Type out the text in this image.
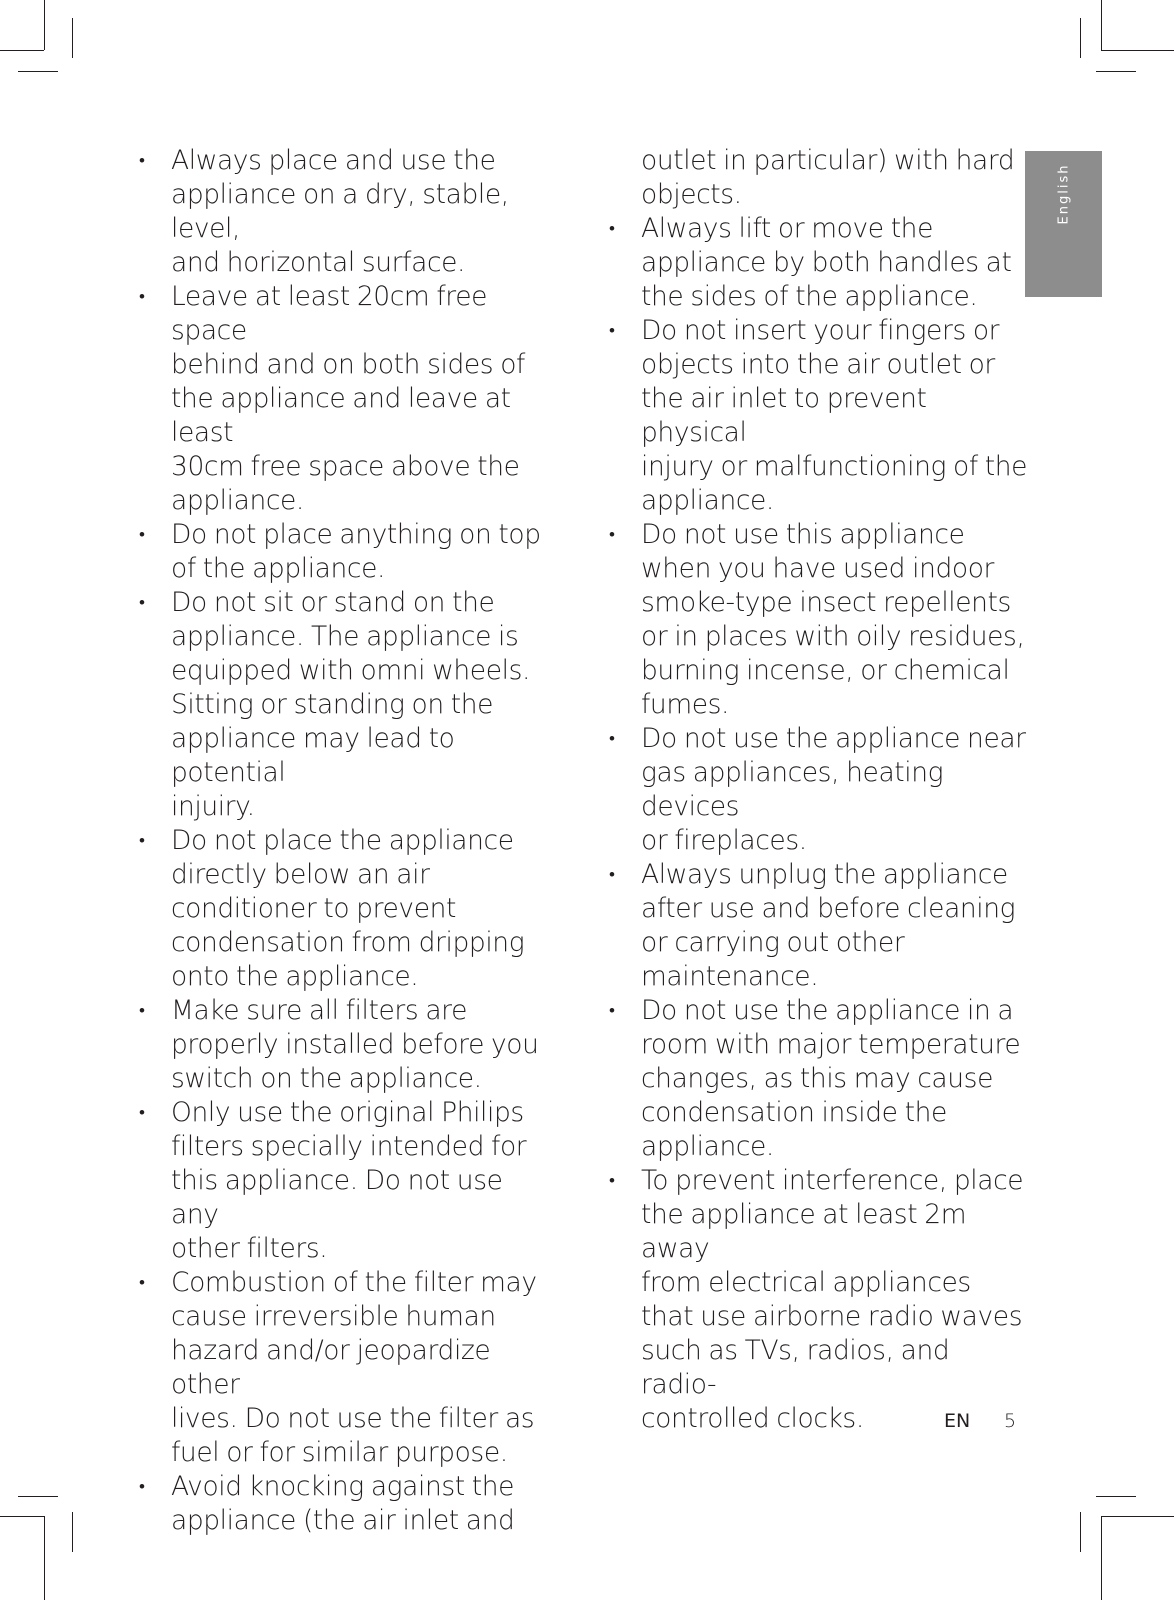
English
• Always place and use the
appliance on a dry, stable, level,
and horizontal surface.
• Leave at least 20cm free space
behind and on both sides of
the appliance and leave at least
30cm free space above the
appliance.
• Do not place anything on top
of the appliance.
• Do not sit or stand on the
appliance. The appliance is
equipped with omni wheels.
Sitting or standing on the
appliance may lead to potential
injuiry.
• Do not place the appliance
directly below an air
conditioner to prevent
condensation from dripping
onto the appliance.
• Make sure all filters are
properly installed before you
switch on the appliance.
• Only use the original Philips
filters specially intended for
this appliance. Do not use any
other filters.
• Combustion of the filter may
cause irreversible human
hazard and/or jeopardize other
lives. Do not use the filter as
fuel or for similar purpose.
• Avoid knocking against the
appliance (the air inlet and
outlet in particular) with hard
objects.
• Always lift or move the
appliance by both handles at
the sides of the appliance.
• Do not insert your fingers or
objects into the air outlet or
the air inlet to prevent physical
injury or malfunctioning of the
appliance.
• Do not use this appliance
when you have used indoor
smoke-type insect repellents
or in places with oily residues,
burning incense, or chemical
fumes.
• Do not use the appliance near
gas appliances, heating devices
or fireplaces.
• Always unplug the appliance
after use and before cleaning
or carrying out other
maintenance.
• Do not use the appliance in a
room with major temperature
changes, as this may cause
condensation inside the
appliance.
• To prevent interference, place
the appliance at least 2m away
from electrical appliances
that use airborne radio waves
such as TVs, radios, and radio-
controlled clocks.	EN 5
